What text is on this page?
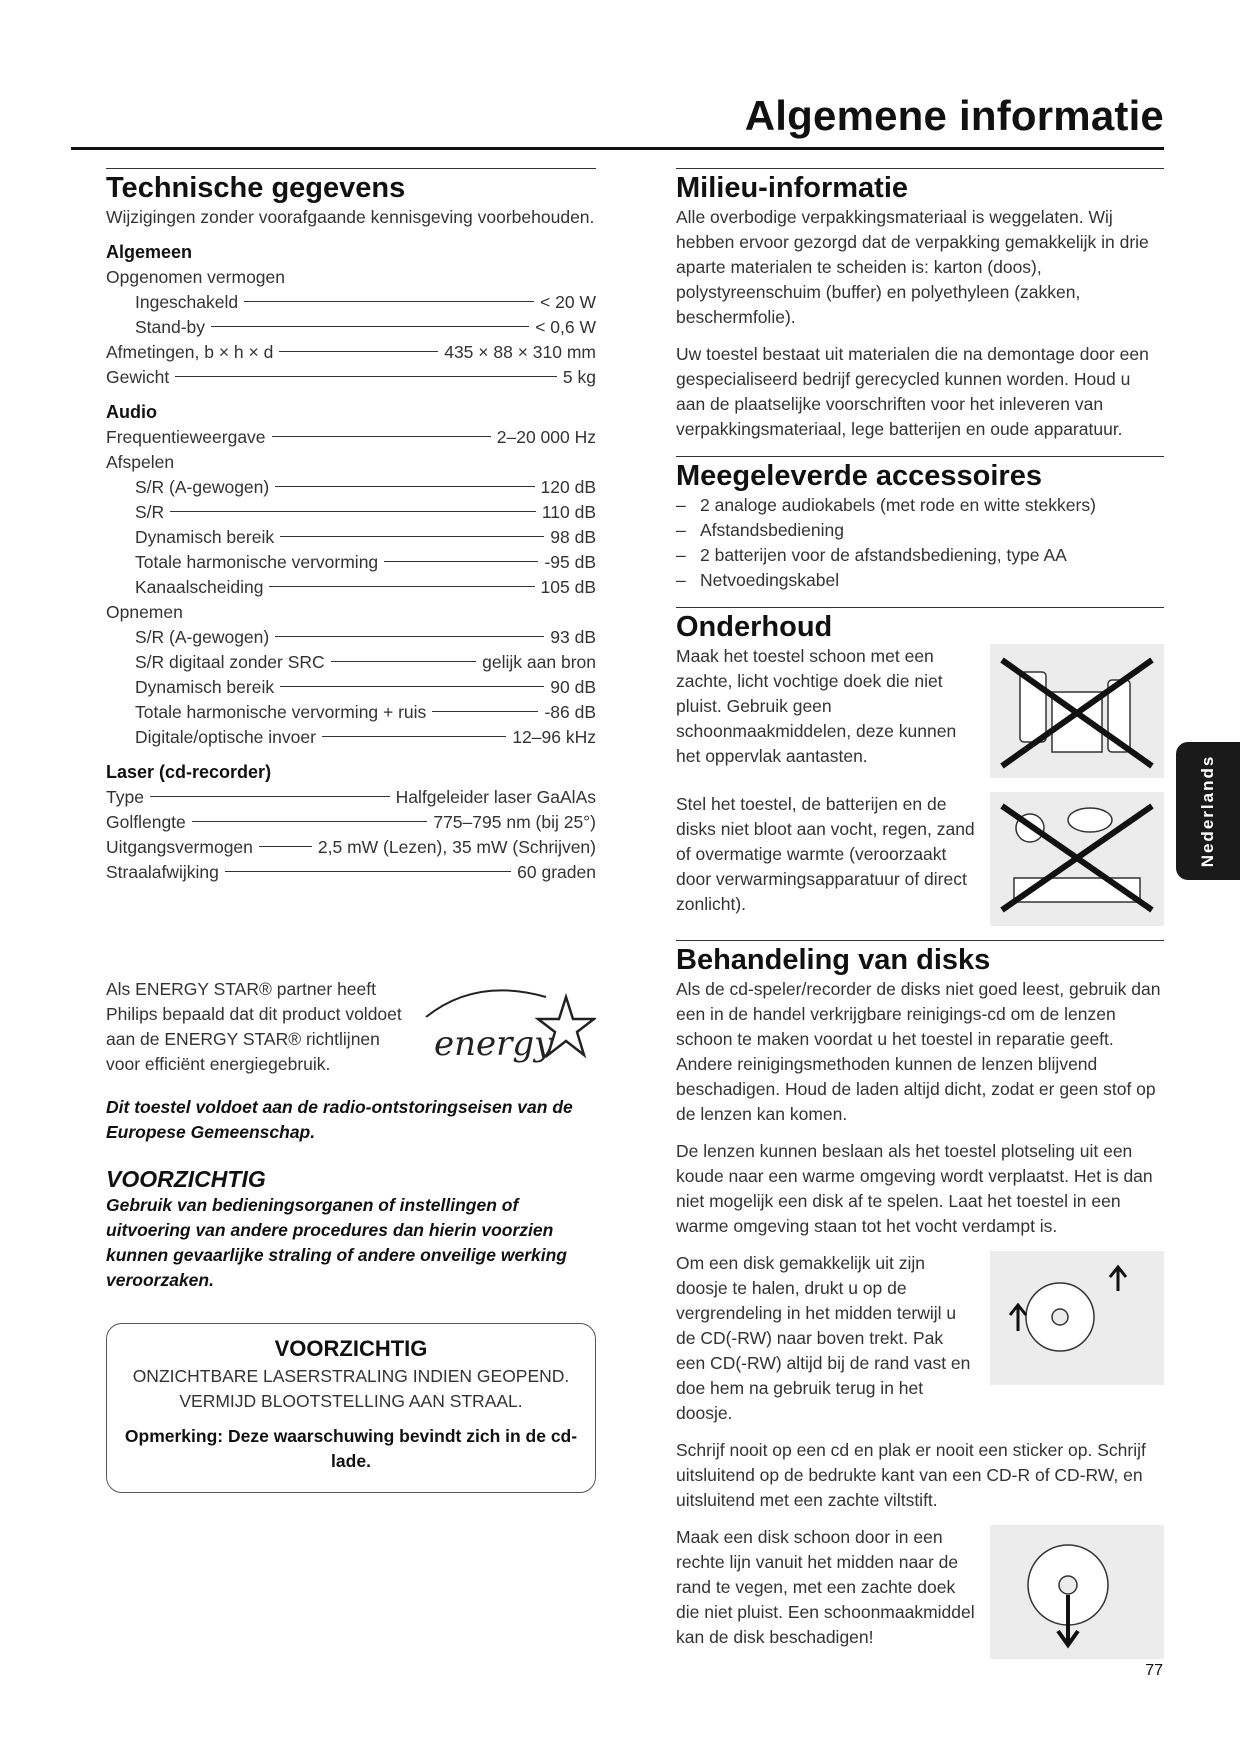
Algemene informatie
Technische gegevens
Wijzigingen zonder voorafgaande kennisgeving voorbehouden.
Algemeen
Opgenomen vermogen
Ingeschakeld	< 20 W
Stand-by	< 0,6 W
Afmetingen, b × h × d	435 × 88 × 310 mm
Gewicht	5 kg
Audio
Frequentieweergave	2–20 000 Hz
Afspelen
S/R (A-gewogen)	120 dB
S/R	110 dB
Dynamisch bereik	98 dB
Totale harmonische vervorming	-95 dB
Kanaalscheiding	105 dB
Opnemen
S/R (A-gewogen)	93 dB
S/R digitaal zonder SRC	gelijk aan bron
Dynamisch bereik	90 dB
Totale harmonische vervorming + ruis	-86 dB
Digitale/optische invoer	12–96 kHz
Laser (cd-recorder)
Type	Halfgeleider laser GaAlAs
Golflengte	775–795 nm (bij 25°)
Uitgangsvermogen	2,5 mW (Lezen), 35 mW (Schrijven)
Straalafwijking	60 graden
Als ENERGY STAR® partner heeft Philips bepaald dat dit product voldoet aan de ENERGY STAR® richtlijnen voor efficiënt energiegebruik.	energy
Dit toestel voldoet aan de radio-ontstoringseisen van de Europese Gemeenschap.
VOORZICHTIG
Gebruik van bedieningsorganen of instellingen of uitvoering van andere procedures dan hierin voorzien kunnen gevaarlijke straling of andere onveilige werking veroorzaken.
VOORZICHTIG
ONZICHTBARE LASERSTRALING INDIEN GEOPEND.
VERMIJD BLOOTSTELLING AAN STRAAL.
Opmerking: Deze waarschuwing bevindt zich in de cd-lade.
Milieu-informatie

Alle overbodige verpakkingsmateriaal is weggelaten. Wij hebben ervoor gezorgd dat de verpakking gemakkelijk in drie aparte materialen te scheiden is: karton (doos), polystyreenschuim (buffer) en polyethyleen (zakken, beschermfolie).

Uw toestel bestaat uit materialen die na demontage door een gespecialiseerd bedrijf gerecycled kunnen worden. Houd u aan de plaatselijke voorschriften voor het inleveren van verpakkingsmateriaal, lege batterijen en oude apparatuur.

Meegeleverde accessoires
– 2 analoge audiokabels (met rode en witte stekkers)
– Afstandsbediening
– 2 batterijen voor de afstandsbediening, type AA
– Netvoedingskabel
Onderhoud
Maak het toestel schoon met een zachte, licht vochtige doek die niet pluist. Gebruik geen schoonmaakmiddelen, deze kunnen het oppervlak aantasten.
Stel het toestel, de batterijen en de disks niet bloot aan vocht, regen, zand of overmatige warmte (veroorzaakt door verwarmingsapparatuur of direct zonlicht).
Behandeling van disks

Als de cd-speler/recorder de disks niet goed leest, gebruik dan een in de handel verkrijgbare reinigings-cd om de lenzen schoon te maken voordat u het toestel in reparatie geeft. Andere reinigingsmethoden kunnen de lenzen blijvend beschadigen. Houd de laden altijd dicht, zodat er geen stof op de lenzen kan komen.

De lenzen kunnen beslaan als het toestel plotseling uit een koude naar een warme omgeving wordt verplaatst. Het is dan niet mogelijk een disk af te spelen. Laat het toestel in een warme omgeving staan tot het vocht verdampt is.

Om een disk gemakkelijk uit zijn doosje te halen, drukt u op de vergrendeling in het midden terwijl u de CD(-RW) naar boven trekt. Pak een CD(-RW) altijd bij de rand vast en doe hem na gebruik terug in het doosje.

Schrijf nooit op een cd en plak er nooit een sticker op. Schrijf uitsluitend op de bedrukte kant van een CD-R of CD-RW, en uitsluitend met een zachte viltstift.

Maak een disk schoon door in een rechte lijn vanuit het midden naar de rand te vegen, met een zachte doek die niet pluist. Een schoonmaakmiddel kan de disk beschadigen!
Nederlands
77
